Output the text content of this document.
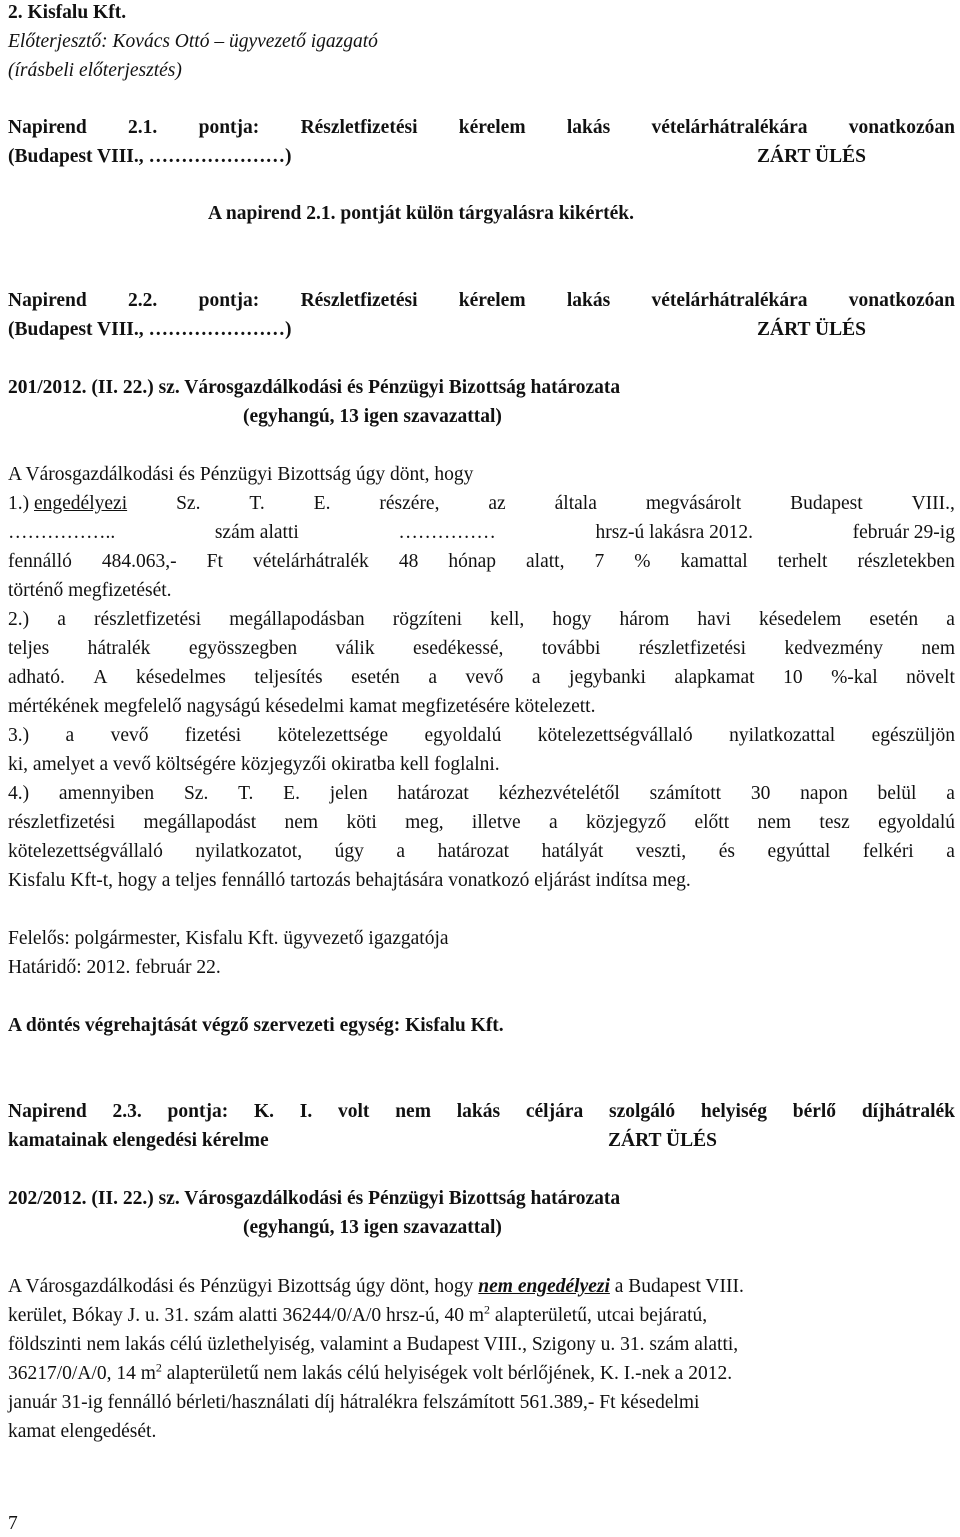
2. Kisfalu Kft.
Előterjesztő: Kovács Ottó – ügyvezető igazgató
(írásbeli előterjesztés)
Napirend 2.1. pontja: Részletfizetési kérelem lakás vételárhátralékára vonatkozóan
(Budapest VIII., …………………)	ZÁRT ÜLÉS
A napirend 2.1. pontját külön tárgyalásra kikérték.
Napirend 2.2. pontja: Részletfizetési kérelem lakás vételárhátralékára vonatkozóan
(Budapest VIII., …………………)	ZÁRT ÜLÉS
201/2012. (II. 22.) sz. Városgazdálkodási és Pénzügyi Bizottság határozata
(egyhangú, 13 igen szavazattal)
A Városgazdálkodási és Pénzügyi Bizottság úgy dönt, hogy
1.) engedélyezi	Sz.	T.	E.	részére,	az	általa	megvásárolt	Budapest	VIII.,
……………..	szám alatti	……………	hrsz-ú lakásra 2012.	február 29-ig
fennálló 484.063,- Ft vételárhátralék 48 hónap alatt, 7 % kamattal terhelt részletekben
történő megfizetését.
2.) a részletfizetési megállapodásban rögzíteni kell, hogy három havi késedelem esetén a
teljes hátralék egyösszegben válik esedékessé, további részletfizetési kedvezmény nem
adható. A késedelmes teljesítés esetén a vevő a jegybanki alapkamat 10 %-kal növelt
mértékének megfelelő nagyságú késedelmi kamat megfizetésére kötelezett.
3.) a vevő fizetési kötelezettsége egyoldalú kötelezettségvállaló nyilatkozattal egészüljön
ki, amelyet a vevő költségére közjegyzői okiratba kell foglalni.
4.) amennyiben Sz. T. E. jelen határozat kézhezvételétől számított 30 napon belül a
részletfizetési megállapodást nem köti meg, illetve a közjegyző előtt nem tesz egyoldalú
kötelezettségvállaló nyilatkozatot, úgy a határozat hatályát veszti, és egyúttal felkéri a
Kisfalu Kft-t, hogy a teljes fennálló tartozás behajtására vonatkozó eljárást indítsa meg.
Felelős: polgármester, Kisfalu Kft. ügyvezető igazgatója
Határidő: 2012. február 22.
A döntés végrehajtását végző szervezeti egység: Kisfalu Kft.
Napirend 2.3. pontja: K. I. volt nem lakás céljára szolgáló helyiség bérlő díjhátralék
kamatainak elengedési kérelme	ZÁRT ÜLÉS
202/2012. (II. 22.) sz. Városgazdálkodási és Pénzügyi Bizottság határozata
(egyhangú, 13 igen szavazattal)
A Városgazdálkodási és Pénzügyi Bizottság úgy dönt, hogy nem engedélyezi a Budapest VIII.
kerület, Bókay J. u. 31. szám alatti 36244/0/A/0 hrsz-ú, 40 $m^2$ alapterületű, utcai bejáratú,
földszinti nem lakás célú üzlethelyiség, valamint a Budapest VIII., Szigony u. 31. szám alatti,
36217/0/A/0, 14 $m^2$ alapterületű nem lakás célú helyiségek volt bérlőjének, K. I.-nek a 2012.
január 31-ig fennálló bérleti/használati díj hátralékra felszámított 561.389,- Ft késedelmi
kamat elengedését.
7
